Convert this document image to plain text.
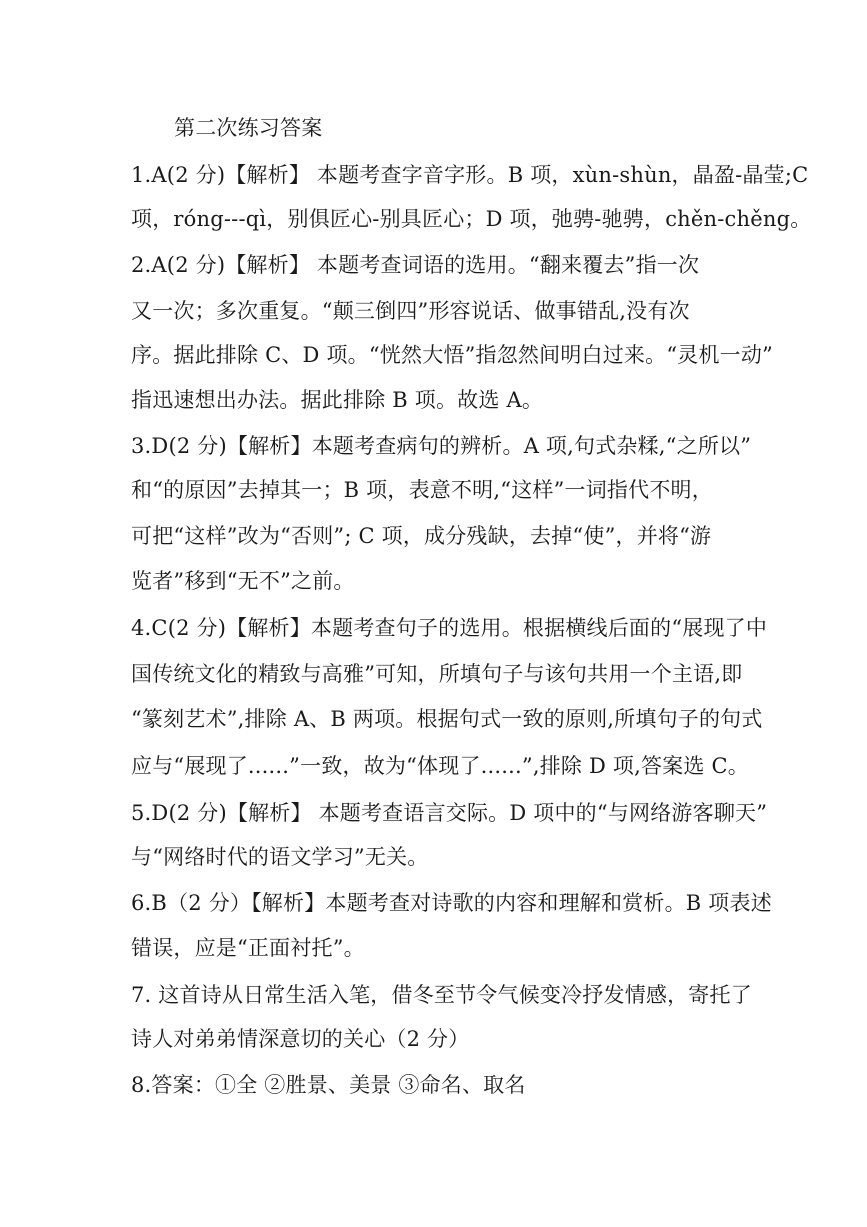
第二次练习答案
1.A(2 分)【解析】 本题考查字音字形。B 项，xùn-shùn，晶盈-晶莹;C
项，róng---qì，别俱匠心-别具匠心；D 项，弛骋-驰骋，chěn-chěng。
2.A(2 分)【解析】 本题考查词语的选用。“翻来覆去”指一次
又一次；多次重复。“颠三倒四”形容说话、做事错乱,没有次
序。据此排除 C、D 项。“恍然大悟”指忽然间明白过来。“灵机一动”
指迅速想出办法。据此排除 B 项。故选 A。
3.D(2 分)【解析】本题考查病句的辨析。A 项,句式杂糅,“之所以”
和“的原因”去掉其一；B 项，表意不明,“这样”一词指代不明，
可把“这样”改为“否则”; C 项，成分残缺，去掉“使”，并将“游
览者”移到“无不”之前。
4.C(2 分)【解析】本题考查句子的选用。根据横线后面的“展现了中
国传统文化的精致与高雅”可知，所填句子与该句共用一个主语,即
“篆刻艺术”,排除 A、B 两项。根据句式一致的原则,所填句子的句式
应与“展现了......”一致，故为“体现了......”,排除 D 项,答案选 C。
5.D(2 分)【解析】 本题考查语言交际。D 项中的“与网络游客聊天”
与“网络时代的语文学习”无关。
6.B（2 分）【解析】本题考查对诗歌的内容和理解和赏析。B 项表述
错误，应是“正面衬托”。
7. 这首诗从日常生活入笔，借冬至节令气候变冷抒发情感，寄托了
诗人对弟弟情深意切的关心（2 分）
8.答案：①全 ②胜景、美景 ③命名、取名
